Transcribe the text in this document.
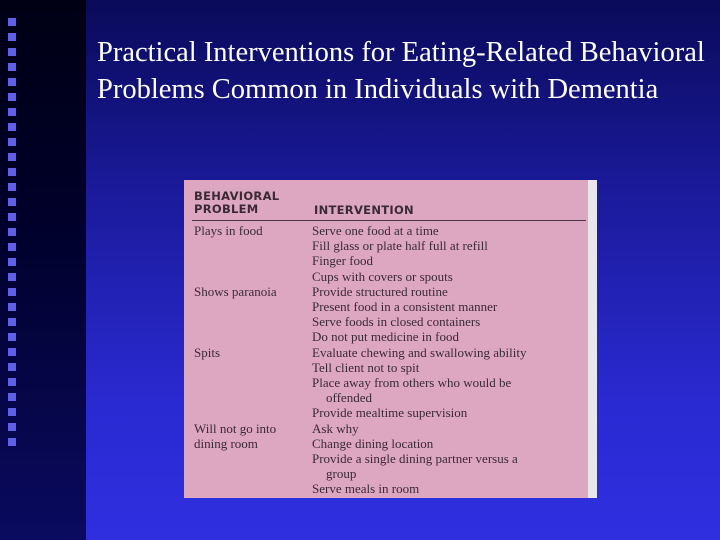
Practical Interventions for Eating-Related Behavioral Problems Common in Individuals with Dementia
BEHAVIORAL PROBLEM	INTERVENTION
Plays in food
Shows paranoia
Spits
Will not go into dining room
Serve one food at a time
Fill glass or plate half full at refill
Finger food
Cups with covers or spouts
Provide structured routine
Present food in a consistent manner
Serve foods in closed containers
Do not put medicine in food
Evaluate chewing and swallowing ability
Tell client not to spit
Place away from others who would be
offended
Provide mealtime supervision
Ask why
Change dining location
Provide a single dining partner versus a
group
Serve meals in room
